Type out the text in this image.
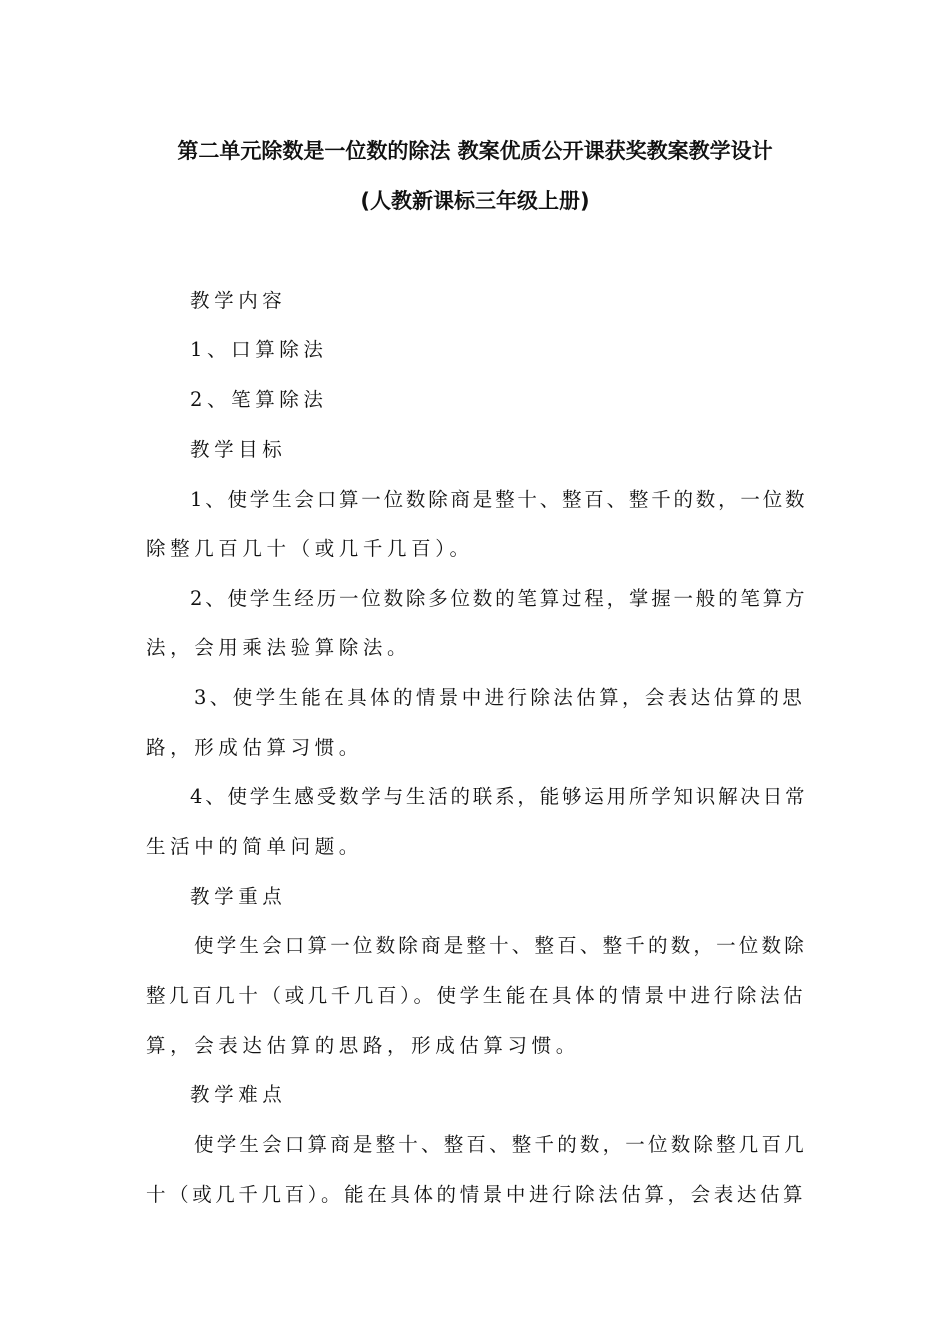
第二单元除数是一位数的除法 教案优质公开课获奖教案教学设计
(人教新课标三年级上册)
教学内容
1、口算除法
2、笔算除法
教学目标
1、使学生会口算一位数除商是整十、整百、整千的数，一位数
除整几百几十（或几千几百）。
2、使学生经历一位数除多位数的笔算过程，掌握一般的笔算方
法，会用乘法验算除法。
3、使学生能在具体的情景中进行除法估算，会表达估算的思
路，形成估算习惯。
4、使学生感受数学与生活的联系，能够运用所学知识解决日常
生活中的简单问题。
教学重点
使学生会口算一位数除商是整十、整百、整千的数，一位数除
整几百几十（或几千几百）。使学生能在具体的情景中进行除法估
算，会表达估算的思路，形成估算习惯。
教学难点
使学生会口算商是整十、整百、整千的数，一位数除整几百几
十（或几千几百）。能在具体的情景中进行除法估算，会表达估算
